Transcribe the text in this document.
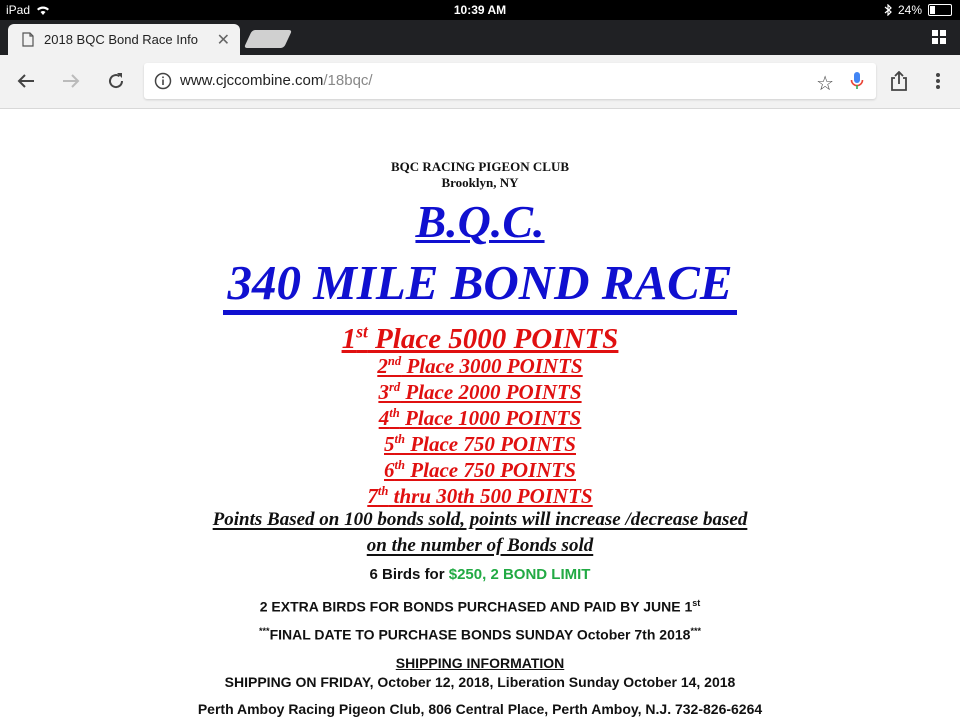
iPad	10:39 AM	24%
2018 BQC Bond Race Info ✕
www.cjccombine.com/18bqc/	☆
BQC RACING PIGEON CLUB
Brooklyn, NY
B.Q.C.
340 MILE BOND RACE
1st Place 5000 POINTS
2nd Place 3000 POINTS
3rd Place 2000 POINTS
4th Place 1000 POINTS
5th Place 750 POINTS
6th Place 750 POINTS
7th thru 30th 500 POINTS
Points Based on 100 bonds sold, points will increase /decrease based
on the number of Bonds sold
6 Birds for $250, 2 BOND LIMIT
2 EXTRA BIRDS FOR BONDS PURCHASED AND PAID BY JUNE 1st
***FINAL DATE TO PURCHASE BONDS SUNDAY October 7th 2018***
SHIPPING INFORMATION
SHIPPING ON FRIDAY, October 12, 2018, Liberation Sunday October 14, 2018
Perth Amboy Racing Pigeon Club, 806 Central Place, Perth Amboy, N.J. 732-826-6264
